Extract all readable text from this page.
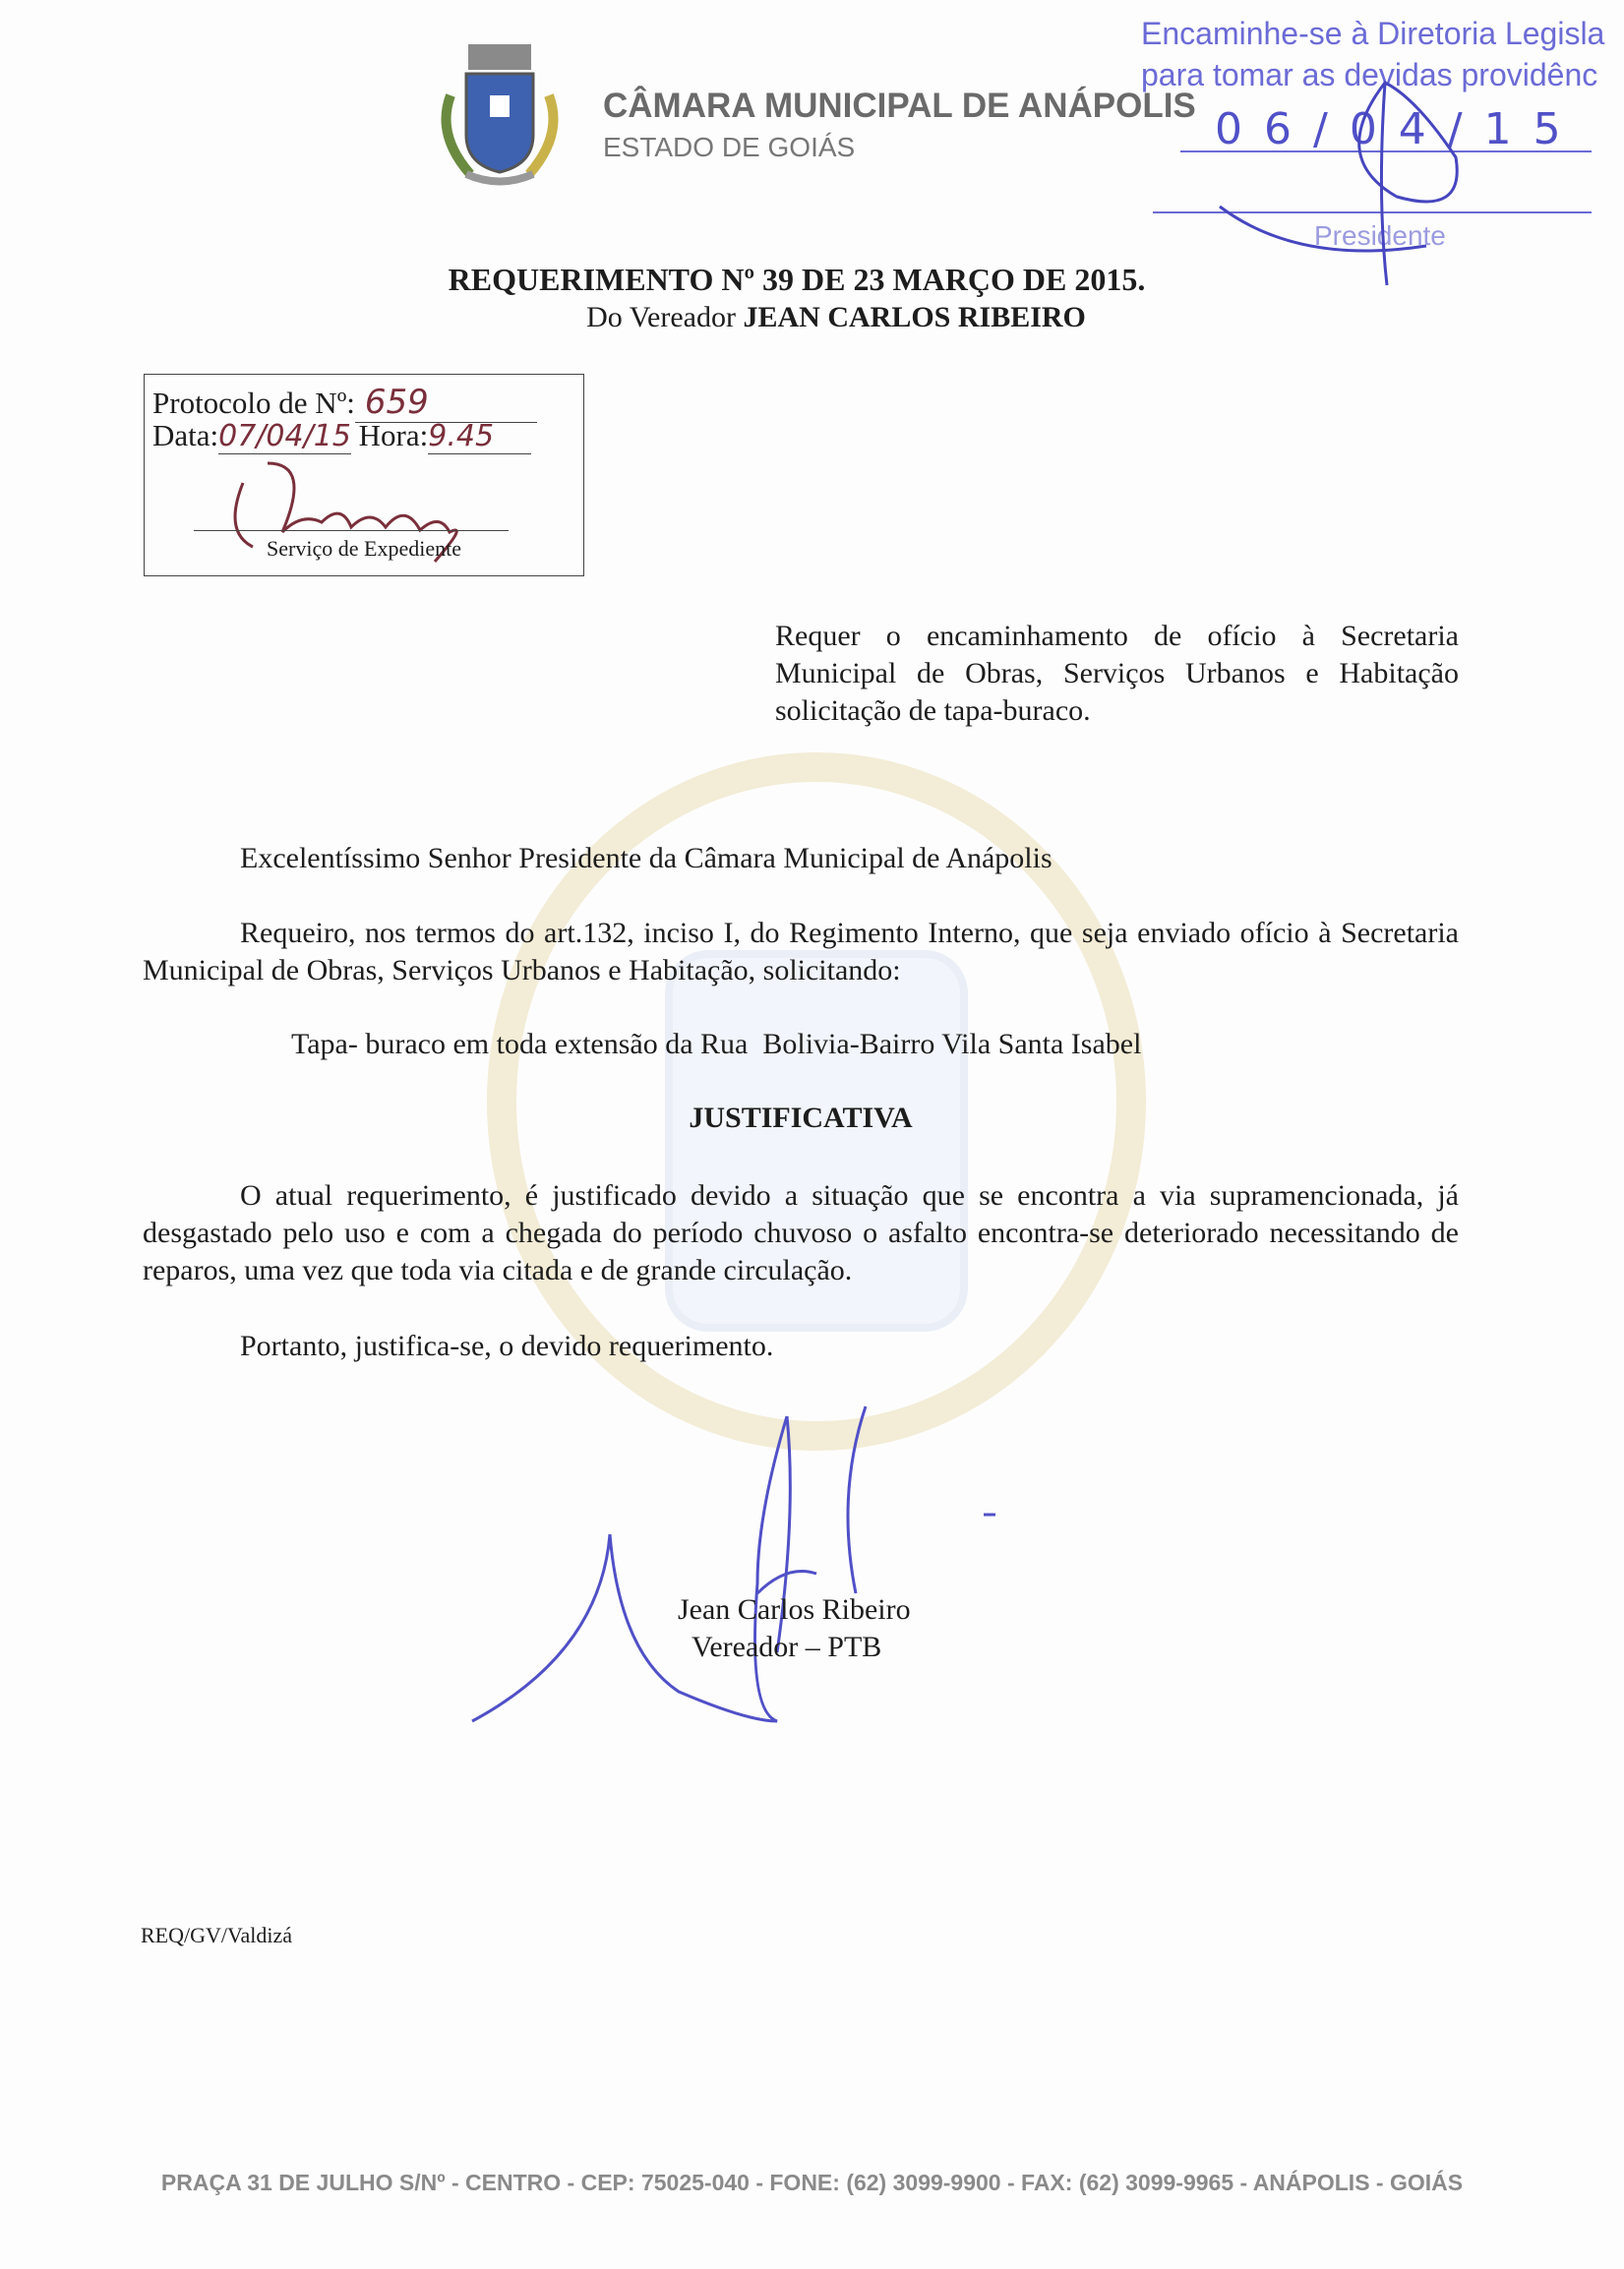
CÂMARA MUNICIPAL DE ANÁPOLIS
ESTADO DE GOIÁS
Encaminhe-se à Diretoria Legisla
para tomar as devidas providênc
06/04/15
Presidente
REQUERIMENTO Nº 39 DE 23 MARÇO DE 2015.
Do Vereador JEAN CARLOS RIBEIRO
Protocolo de Nº: 659
Data:07/04/15 Hora:9.45
Serviço de Expediente
Requer o encaminhamento de ofício à Secretaria Municipal de Obras, Serviços Urbanos e Habitação solicitação de tapa-buraco.
Excelentíssimo Senhor Presidente da Câmara Municipal de Anápolis
Requeiro, nos termos do art.132, inciso I, do Regimento Interno, que seja enviado ofício à Secretaria Municipal de Obras, Serviços Urbanos e Habitação, solicitando:
Tapa- buraco em toda extensão da Rua  Bolivia-Bairro Vila Santa Isabel
JUSTIFICATIVA
O atual requerimento, é justificado devido a situação que se encontra a via supramencionada, já desgastado pelo uso e com a chegada do período chuvoso o asfalto encontra-se deteriorado necessitando de reparos, uma vez que toda via citada e de grande circulação.
Portanto, justifica-se, o devido requerimento.
Jean Carlos Ribeiro
Vereador – PTB
REQ/GV/Valdizá
PRAÇA 31 DE JULHO S/Nº - CENTRO - CEP: 75025-040 - FONE: (62) 3099-9900 - FAX: (62) 3099-9965 - ANÁPOLIS - GOIÁS
